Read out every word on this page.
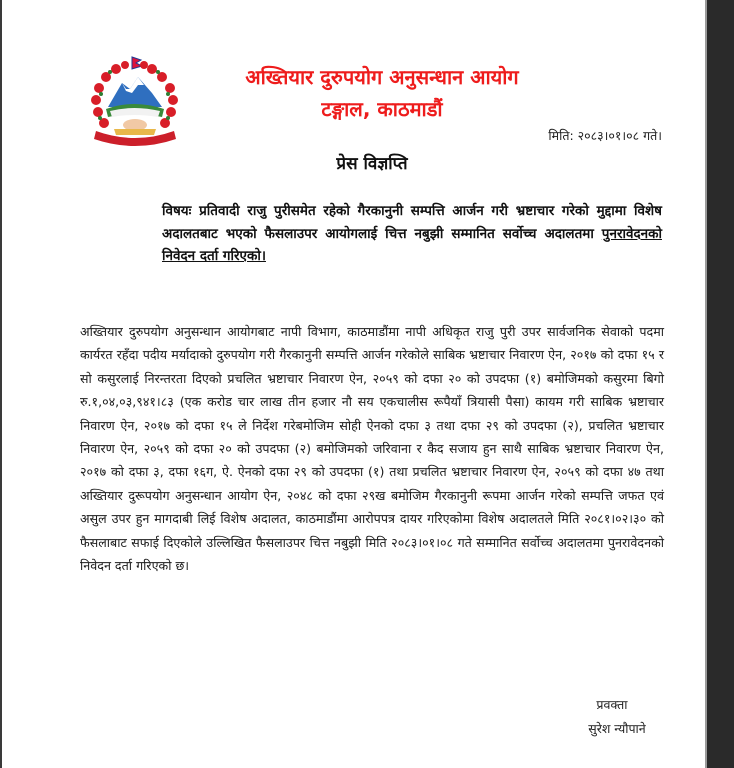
अख्तियार दुरुपयोग अनुसन्धान आयोग
टङ्गाल, काठमाडौं
मिति: २०८३।०१।०८ गते।
प्रेस विज्ञप्ति
विषयः प्रतिवादी राजु पुरीसमेत रहेको गैरकानुनी सम्पत्ति आर्जन गरी भ्रष्टाचार गरेको मुद्दामा विशेष अदालतबाट भएको फैसलाउपर आयोगलाई चित्त नबुझी सम्मानित सर्वोच्च अदालतमा पुनरावेदनको निवेदन दर्ता गरिएको।
अख्तियार दुरुपयोग अनुसन्धान आयोगबाट नापी विभाग, काठमाडौंमा नापी अधिकृत राजु पुरी उपर सार्वजनिक सेवाको पदमा कार्यरत रहँदा पदीय मर्यादाको दुरुपयोग गरी गैरकानुनी सम्पत्ति आर्जन गरेकोले साबिक भ्रष्टाचार निवारण ऐन, २०१७ को दफा १५ र सो कसुरलाई निरन्तरता दिएको प्रचलित भ्रष्टाचार निवारण ऐन, २०५९ को दफा २० को उपदफा (१) बमोजिमको कसुरमा बिगो रु.१,०४,०३,९४१।८३ (एक करोड चार लाख तीन हजार नौ सय एकचालीस रूपैयाँ त्रियासी पैसा) कायम गरी साबिक भ्रष्टाचार निवारण ऐन, २०१७ को दफा १५ ले निर्देश गरेबमोजिम सोही ऐनको दफा ३ तथा दफा २९ को उपदफा (२), प्रचलित भ्रष्टाचार निवारण ऐन, २०५९ को दफा २० को उपदफा (२) बमोजिमको जरिवाना र कैद सजाय हुन साथै साबिक भ्रष्टाचार निवारण ऐन, २०१७ को दफा ३, दफा १६ग, ऐ. ऐनको दफा २९ को उपदफा (१) तथा प्रचलित भ्रष्टाचार निवारण ऐन, २०५९ को दफा ४७ तथा अख्तियार दुरूपयोग अनुसन्धान आयोग ऐन, २०४८ को दफा २९ख बमोजिम गैरकानुनी रूपमा आर्जन गरेको सम्पत्ति जफत एवं असुल उपर हुन मागदाबी लिई विशेष अदालत, काठमाडौंमा आरोपपत्र दायर गरिएकोमा विशेष अदालतले मिति २०८१।०२।३० को फैसलाबाट सफाई दिएकोले उल्लिखित फैसलाउपर चित्त नबुझी मिति २०८३।०१।०८ गते सम्मानित सर्वोच्च अदालतमा पुनरावेदनको निवेदन दर्ता गरिएको छ।
प्रवक्ता
सुरेश न्यौपाने
